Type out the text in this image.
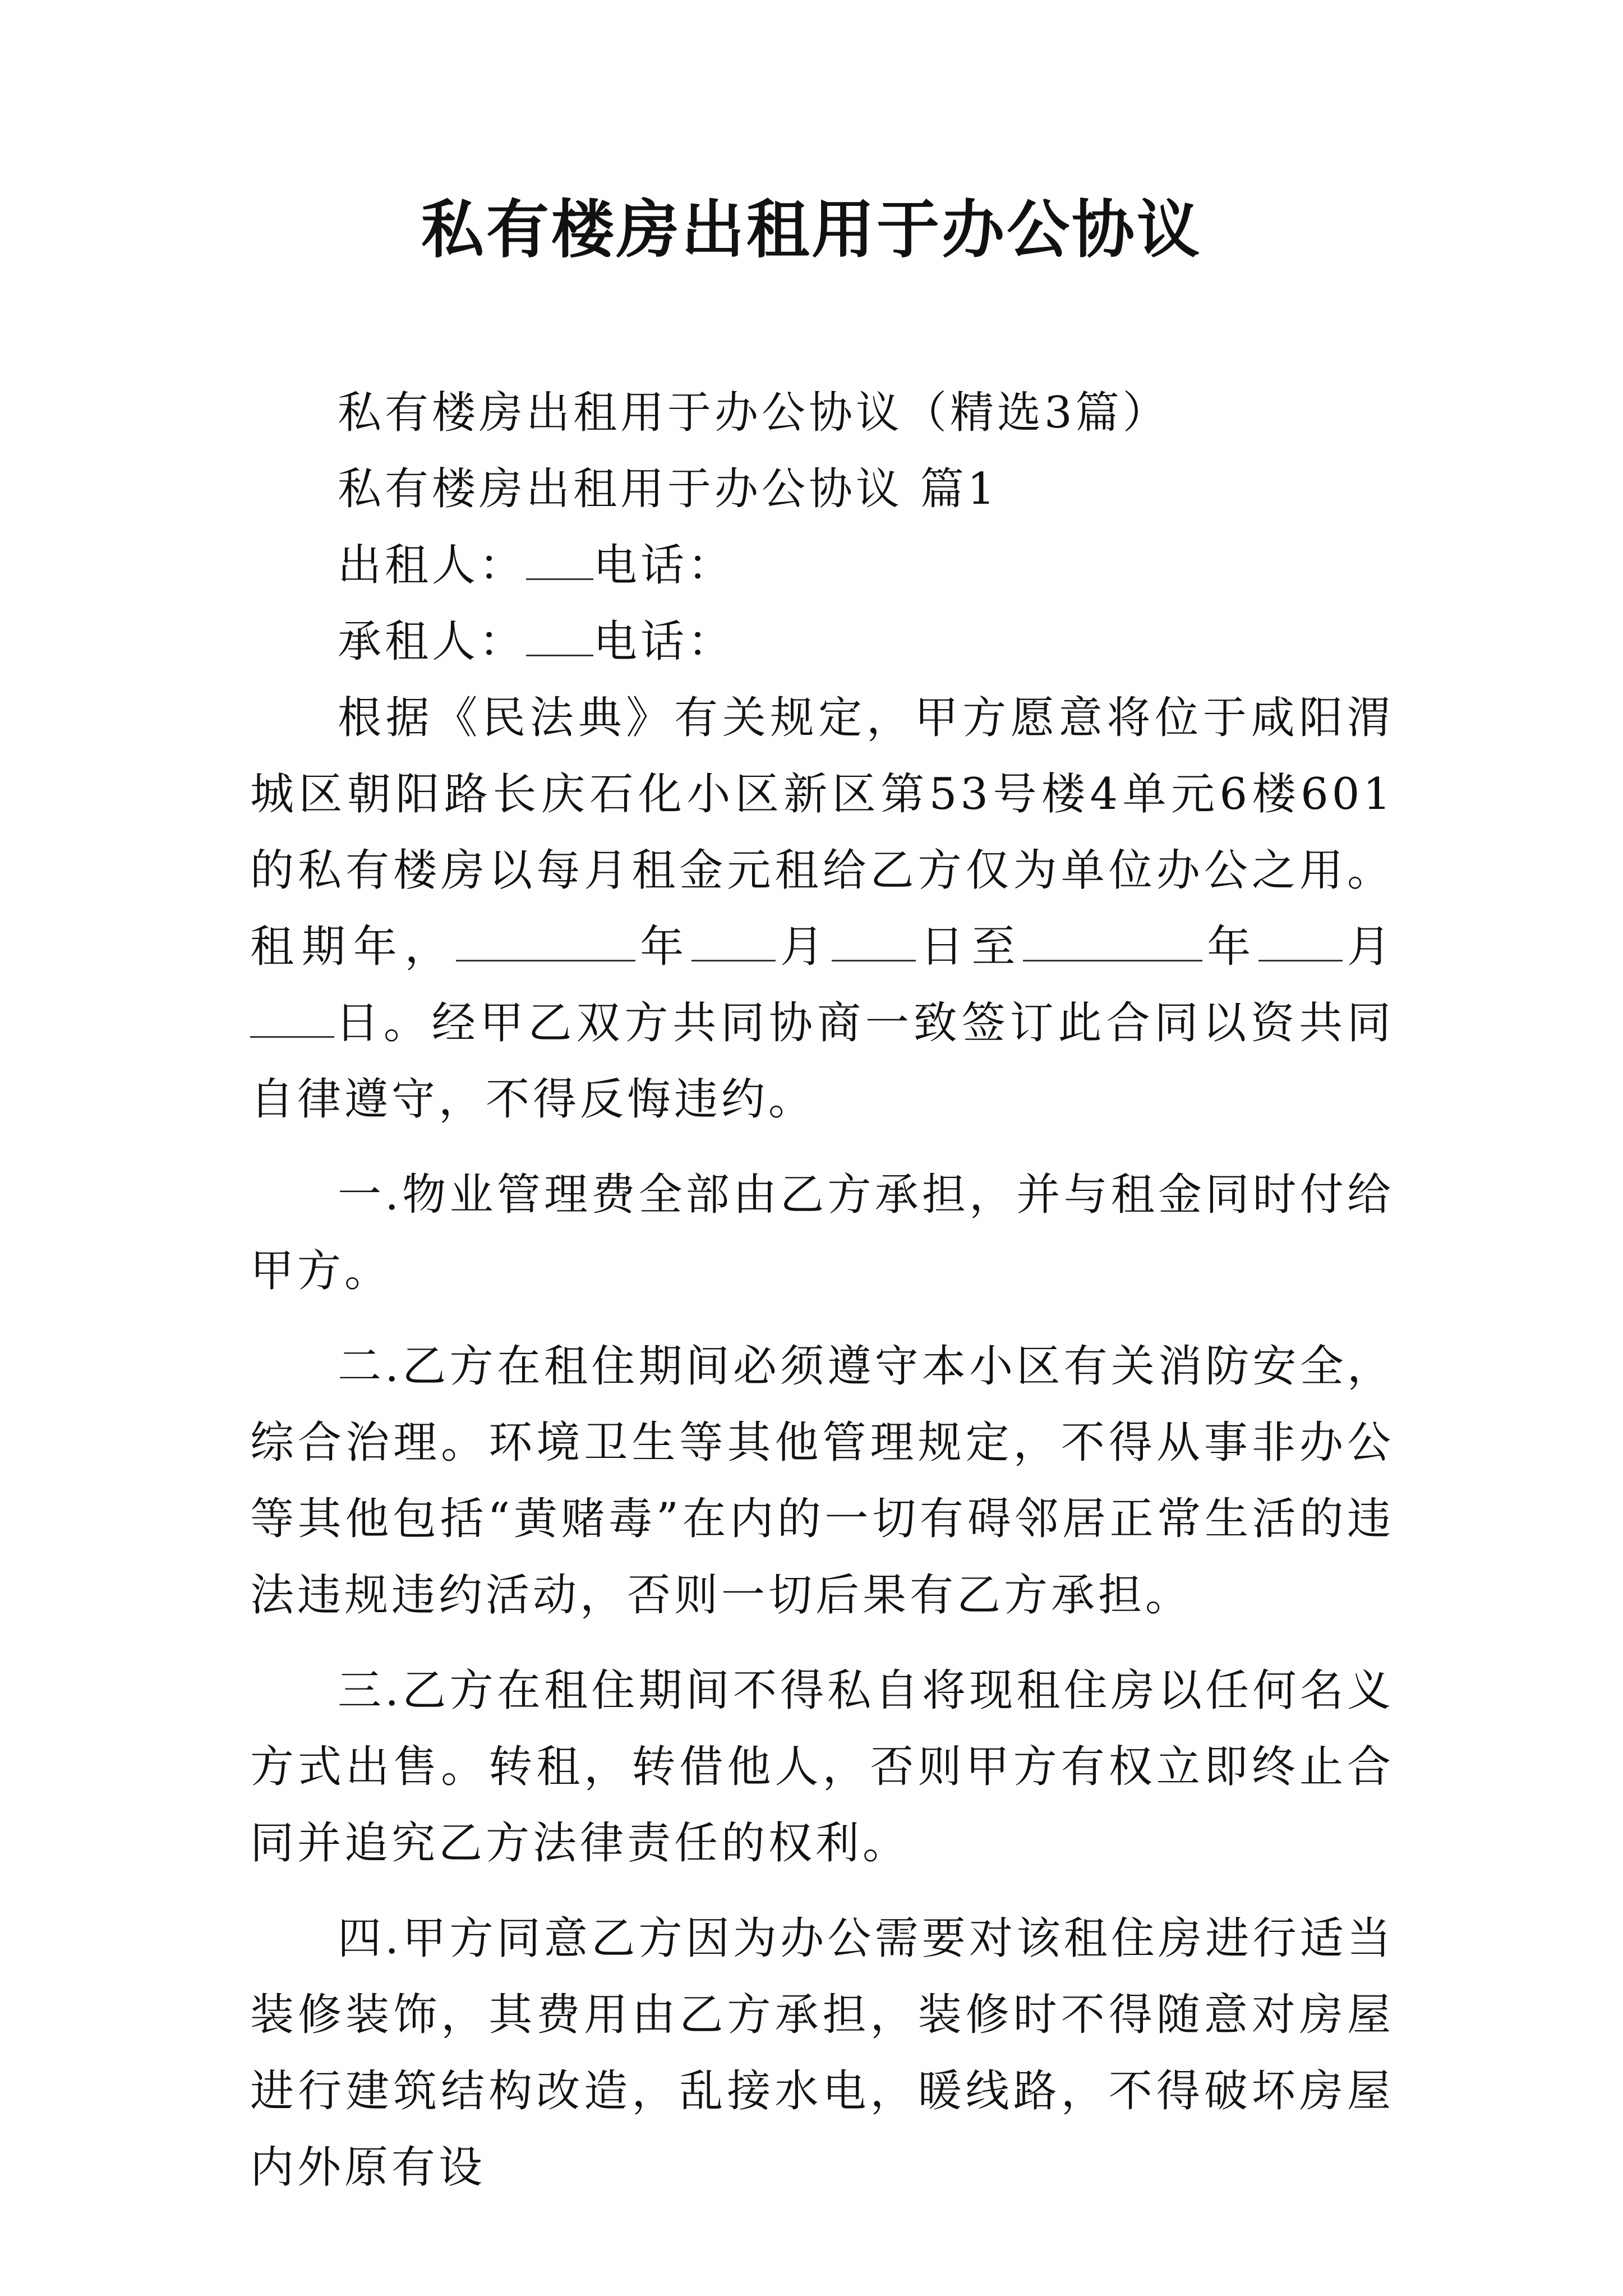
私有楼房出租用于办公协议

私有楼房出租用于办公协议（精选3篇）

私有楼房出租用于办公协议 篇1

出租人： 电话：

承租人： 电话：

根据《民法典》有关规定，甲方愿意将位于咸阳渭城区朝阳路长庆石化小区新区第53号楼4单元6楼601的私有楼房以每月租金元租给乙方仅为单位办公之用。租期年，	年 月 日至	年 月日。经甲乙双方共同协商一致签订此合同以资共同自律遵守，不得反悔违约。

一.物业管理费全部由乙方承担，并与租金同时付给甲方。

二.乙方在租住期间必须遵守本小区有关消防安全，综合治理。环境卫生等其他管理规定，不得从事非办公等其他包括“黄赌毒”在内的一切有碍邻居正常生活的违法违规违约活动，否则一切后果有乙方承担。

三.乙方在租住期间不得私自将现租住房以任何名义方式出售。转租，转借他人，否则甲方有权立即终止合同并追究乙方法律责任的权利。

四.甲方同意乙方因为办公需要对该租住房进行适当装修装饰，其费用由乙方承担，装修时不得随意对房屋进行建筑结构改造，乱接水电，暖线路，不得破坏房屋内外原有设
